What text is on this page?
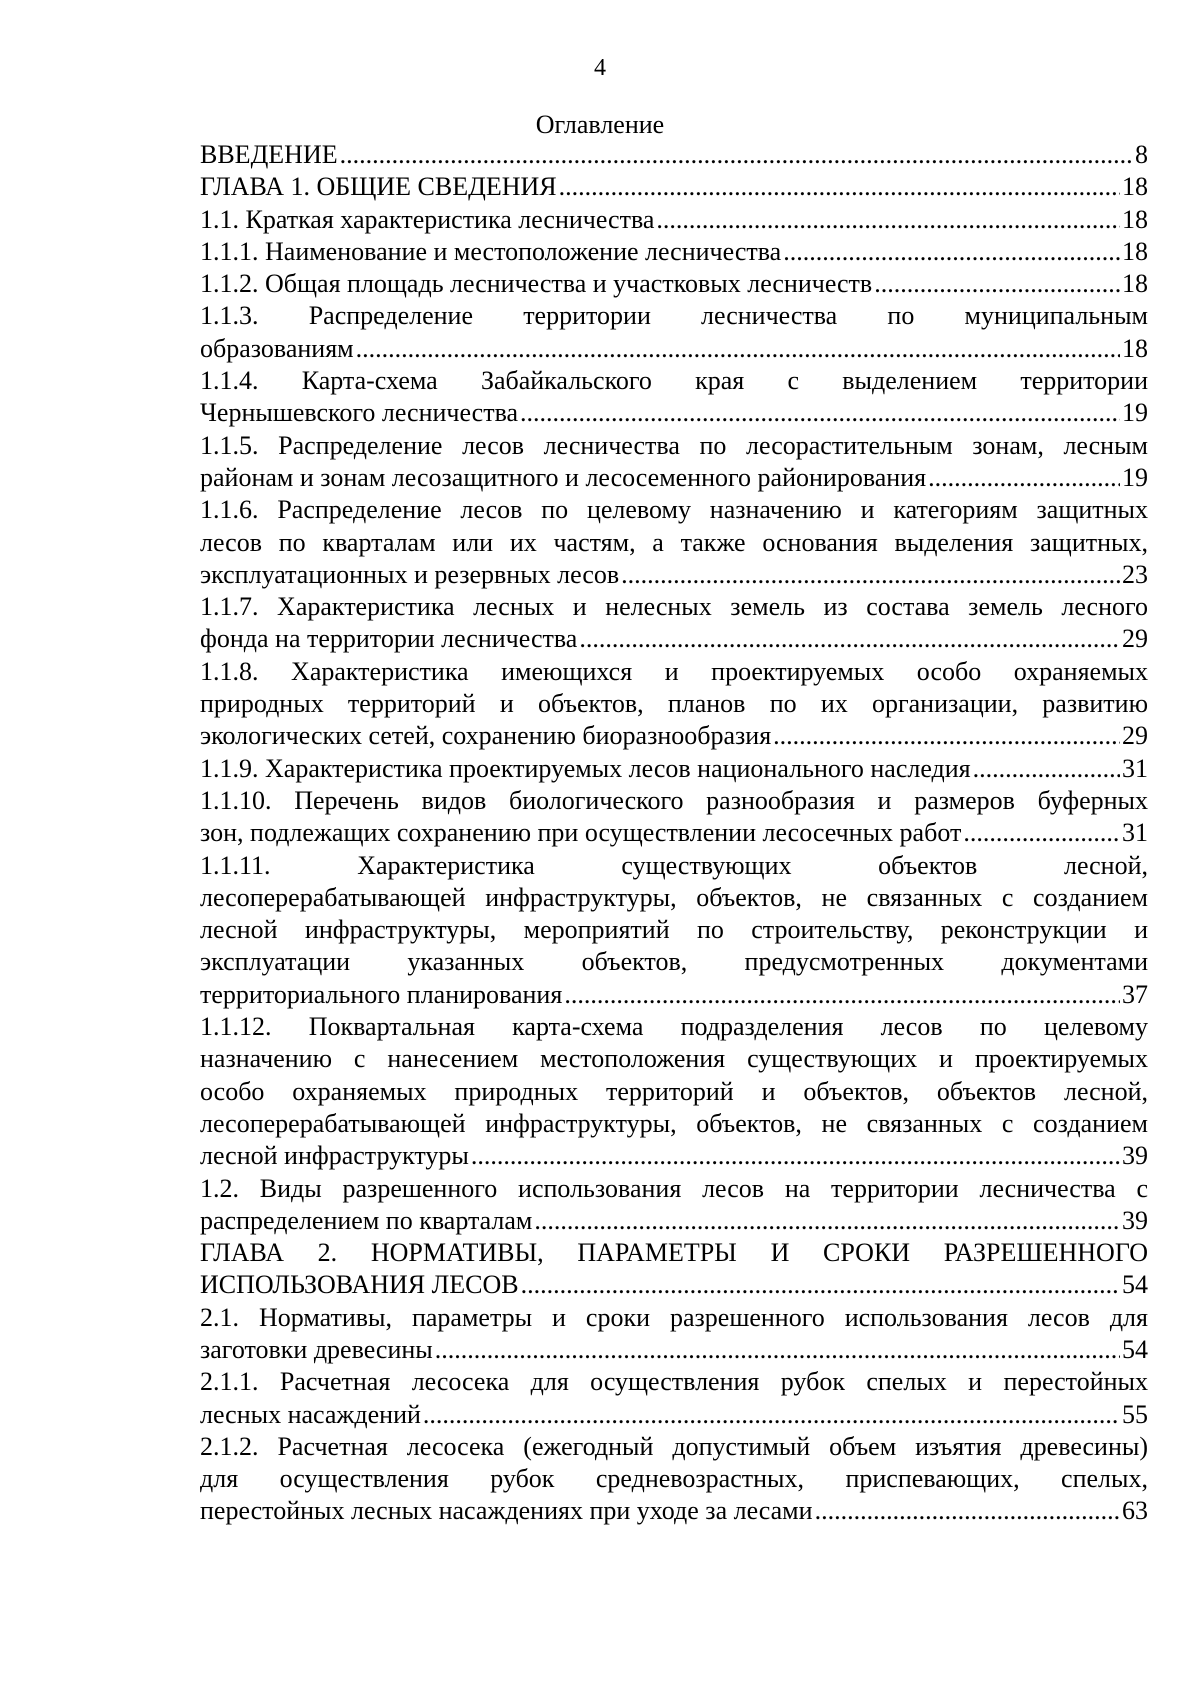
4
Оглавление
ВВЕДЕНИЕ .....	8
ГЛАВА 1. ОБЩИЕ СВЕДЕНИЯ .....	18
1.1. Краткая характеристика лесничества .....	18
1.1.1. Наименование и местоположение лесничества .....	18
1.1.2. Общая площадь лесничества и участковых лесничеств .....	18
1.1.3. Распределение территории лесничества по муниципальным
образованиям .....	18
1.1.4. Карта-схема Забайкальского края с выделением территории
Чернышевского лесничества .....	19
1.1.5. Распределение лесов лесничества по лесорастительным зонам, лесным
районам и зонам лесозащитного и лесосеменного районирования .....	19
1.1.6. Распределение лесов по целевому назначению и категориям защитных
лесов по кварталам или их частям, а также основания выделения защитных,
эксплуатационных и резервных лесов .....	23
1.1.7. Характеристика лесных и нелесных земель из состава земель лесного
фонда на территории лесничества .....	29
1.1.8. Характеристика имеющихся и проектируемых особо охраняемых
природных территорий и объектов, планов по их организации, развитию
экологических сетей, сохранению биоразнообразия .....	29
1.1.9. Характеристика проектируемых лесов национального наследия .....	31
1.1.10. Перечень видов биологического разнообразия и размеров буферных
зон, подлежащих сохранению при осуществлении лесосечных работ .....	31
1.1.11. Характеристика существующих объектов лесной,
лесоперерабатывающей инфраструктуры, объектов, не связанных с созданием
лесной инфраструктуры, мероприятий по строительству, реконструкции и
эксплуатации указанных объектов, предусмотренных документами
территориального планирования .....	37
1.1.12. Поквартальная карта-схема подразделения лесов по целевому
назначению с нанесением местоположения существующих и проектируемых
особо охраняемых природных территорий и объектов, объектов лесной,
лесоперерабатывающей инфраструктуры, объектов, не связанных с созданием
лесной инфраструктуры .....	39
1.2. Виды разрешенного использования лесов на территории лесничества с
распределением по кварталам .....	39
ГЛАВА 2. НОРМАТИВЫ, ПАРАМЕТРЫ И СРОКИ РАЗРЕШЕННОГО
ИСПОЛЬЗОВАНИЯ ЛЕСОВ .....	54
2.1. Нормативы, параметры и сроки разрешенного использования лесов для
заготовки древесины .....	54
2.1.1. Расчетная лесосека для осуществления рубок спелых и перестойных
лесных насаждений .....	55
2.1.2. Расчетная лесосека (ежегодный допустимый объем изъятия древесины)
для осуществления рубок средневозрастных, приспевающих, спелых,
перестойных лесных насаждениях при уходе за лесами .....	63
